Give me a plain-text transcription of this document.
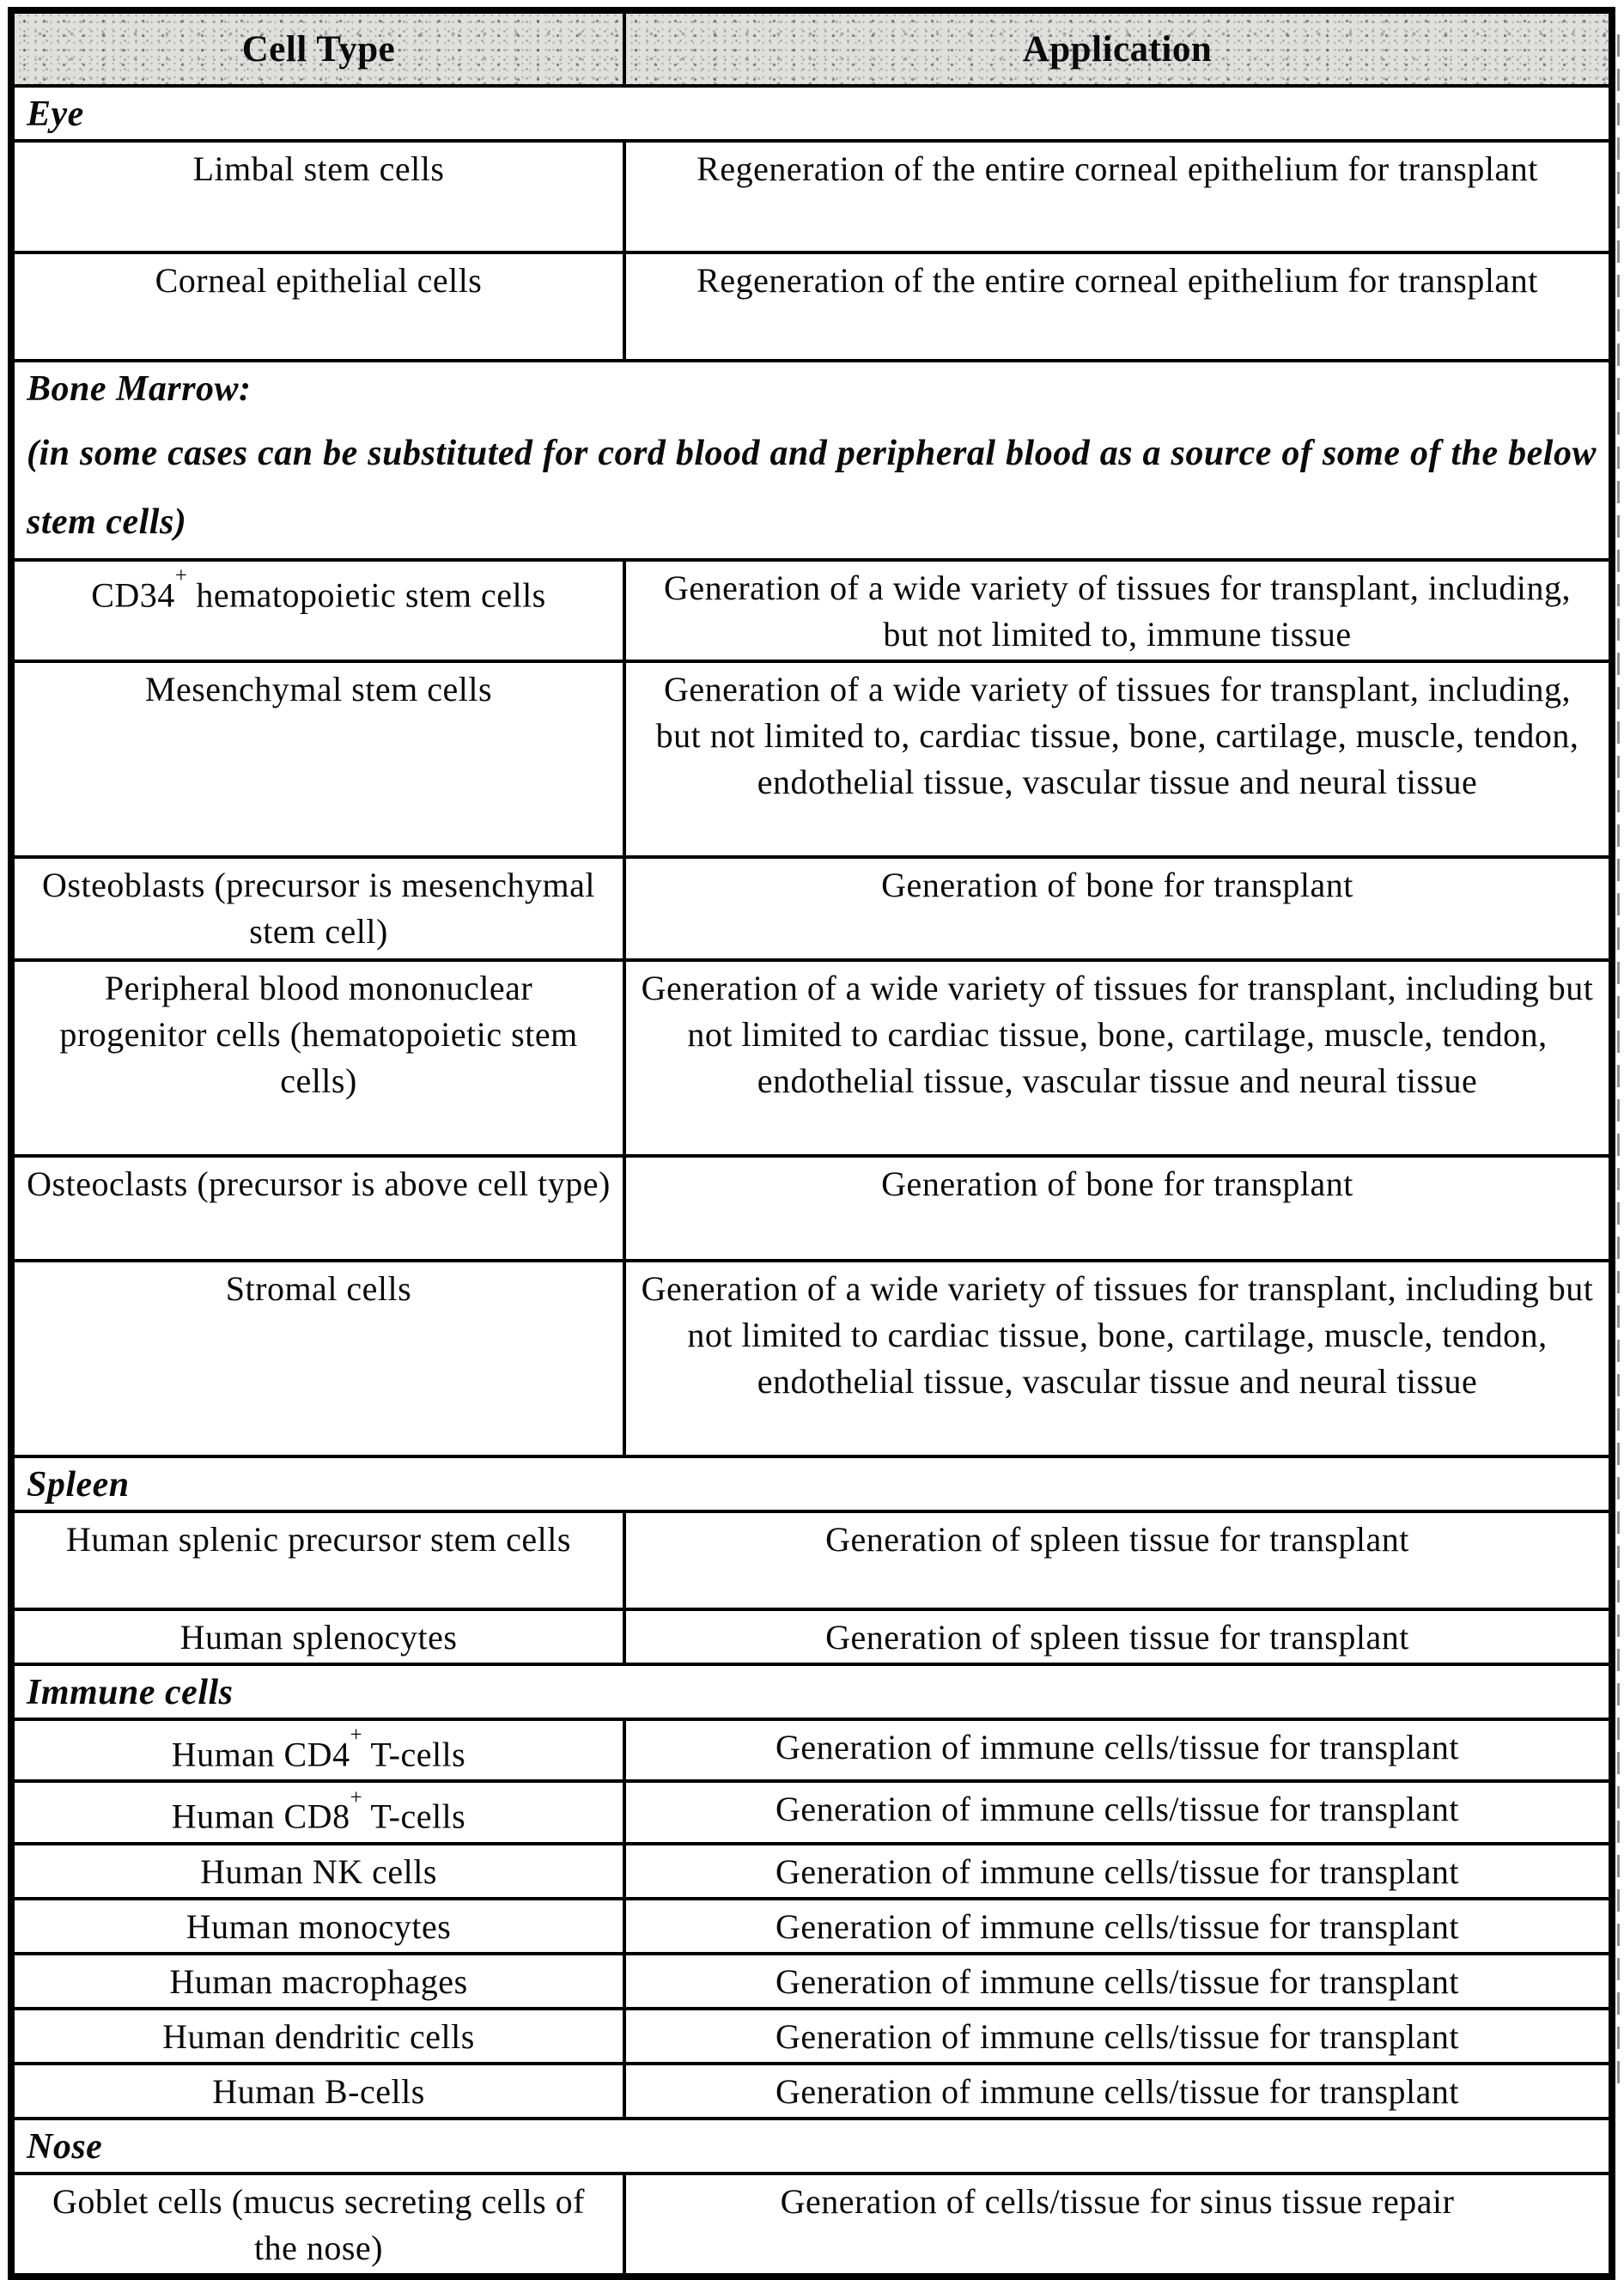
Cell Type	Application
Eye	
Limbal stem cells	Regeneration of the entire corneal epithelium for transplant
Corneal epithelial cells	Regeneration of the entire corneal epithelium for transplant

Bone Marrow:
(in some cases can be substituted for cord blood and peripheral blood as a source of some of the below stem cells)	

CD34+ hematopoietic stem cells	Generation of a wide variety of tissues for transplant, including, but not limited to, immune tissue
Mesenchymal stem cells	Generation of a wide variety of tissues for transplant, including, but not limited to, cardiac tissue, bone, cartilage, muscle, tendon, endothelial tissue, vascular tissue and neural tissue
Osteoblasts (precursor is mesenchymal stem cell)	Generation of bone for transplant
Peripheral blood mononuclear progenitor cells (hematopoietic stem cells)	Generation of a wide variety of tissues for transplant, including but not limited to cardiac tissue, bone, cartilage, muscle, tendon, endothelial tissue, vascular tissue and neural tissue
Osteoclasts (precursor is above cell type)	Generation of bone for transplant
Stromal cells	Generation of a wide variety of tissues for transplant, including but not limited to cardiac tissue, bone, cartilage, muscle, tendon, endothelial tissue, vascular tissue and neural tissue
Spleen	
Human splenic precursor stem cells	Generation of spleen tissue for transplant
Human splenocytes	Generation of spleen tissue for transplant
Immune cells	
Human CD4+ T-cells	Generation of immune cells/tissue for transplant
Human CD8+ T-cells	Generation of immune cells/tissue for transplant
Human NK cells	Generation of immune cells/tissue for transplant
Human monocytes	Generation of immune cells/tissue for transplant
Human macrophages	Generation of immune cells/tissue for transplant
Human dendritic cells	Generation of immune cells/tissue for transplant
Human B-cells	Generation of immune cells/tissue for transplant
Nose	
Goblet cells (mucus secreting cells of the nose)	Generation of cells/tissue for sinus tissue repair
